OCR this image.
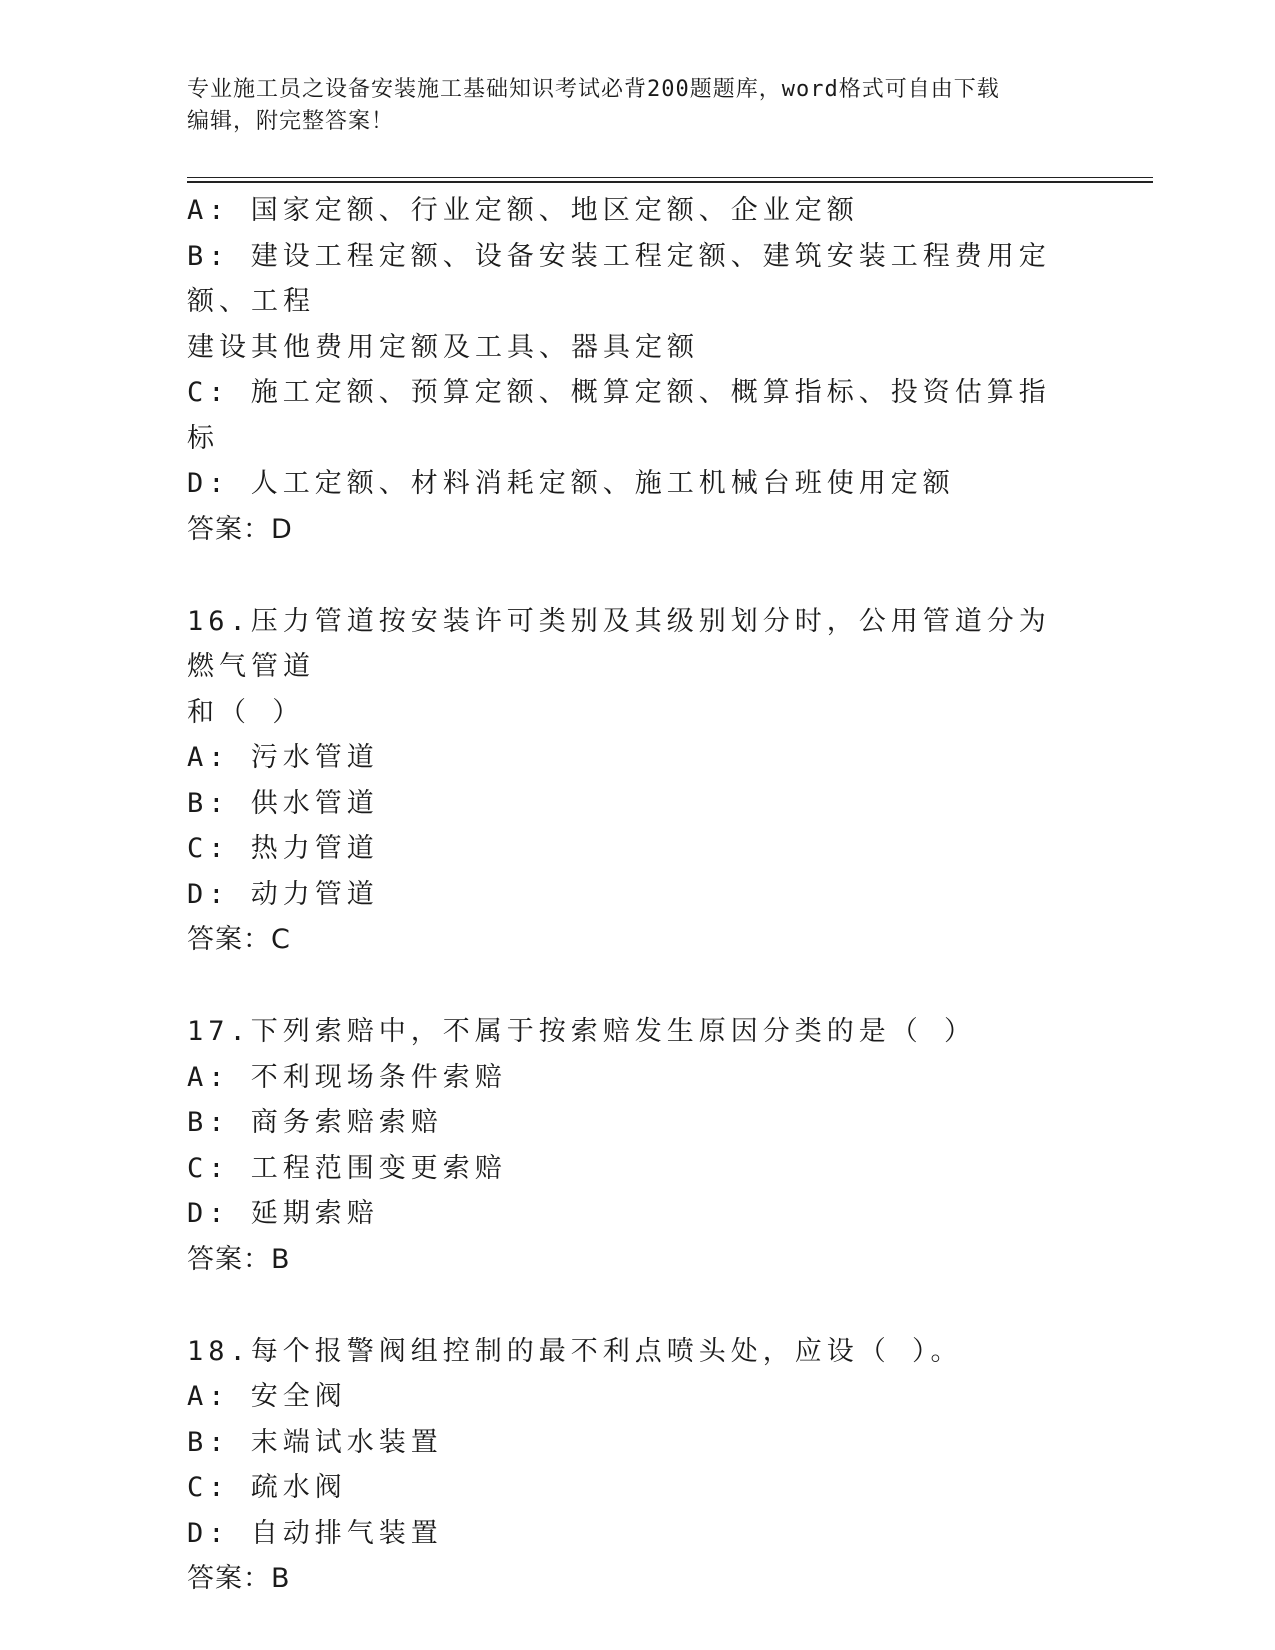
专业施工员之设备安装施工基础知识考试必背200题题库，word格式可自由下载
编辑，附完整答案！
A: 国家定额、行业定额、地区定额、企业定额
B: 建设工程定额、设备安装工程定额、建筑安装工程费用定额、工程
建设其他费用定额及工具、器具定额
C: 施工定额、预算定额、概算定额、概算指标、投资估算指标
D: 人工定额、材料消耗定额、施工机械台班使用定额
答案：D
16.压力管道按安装许可类别及其级别划分时，公用管道分为燃气管道
和（ ）
A: 污水管道
B: 供水管道
C: 热力管道
D: 动力管道
答案：C
17.下列索赔中，不属于按索赔发生原因分类的是（ ）
A: 不利现场条件索赔
B: 商务索赔索赔
C: 工程范围变更索赔
D: 延期索赔
答案：B
18.每个报警阀组控制的最不利点喷头处，应设（ ）。
A: 安全阀
B: 末端试水装置
C: 疏水阀
D: 自动排气装置
答案：B
